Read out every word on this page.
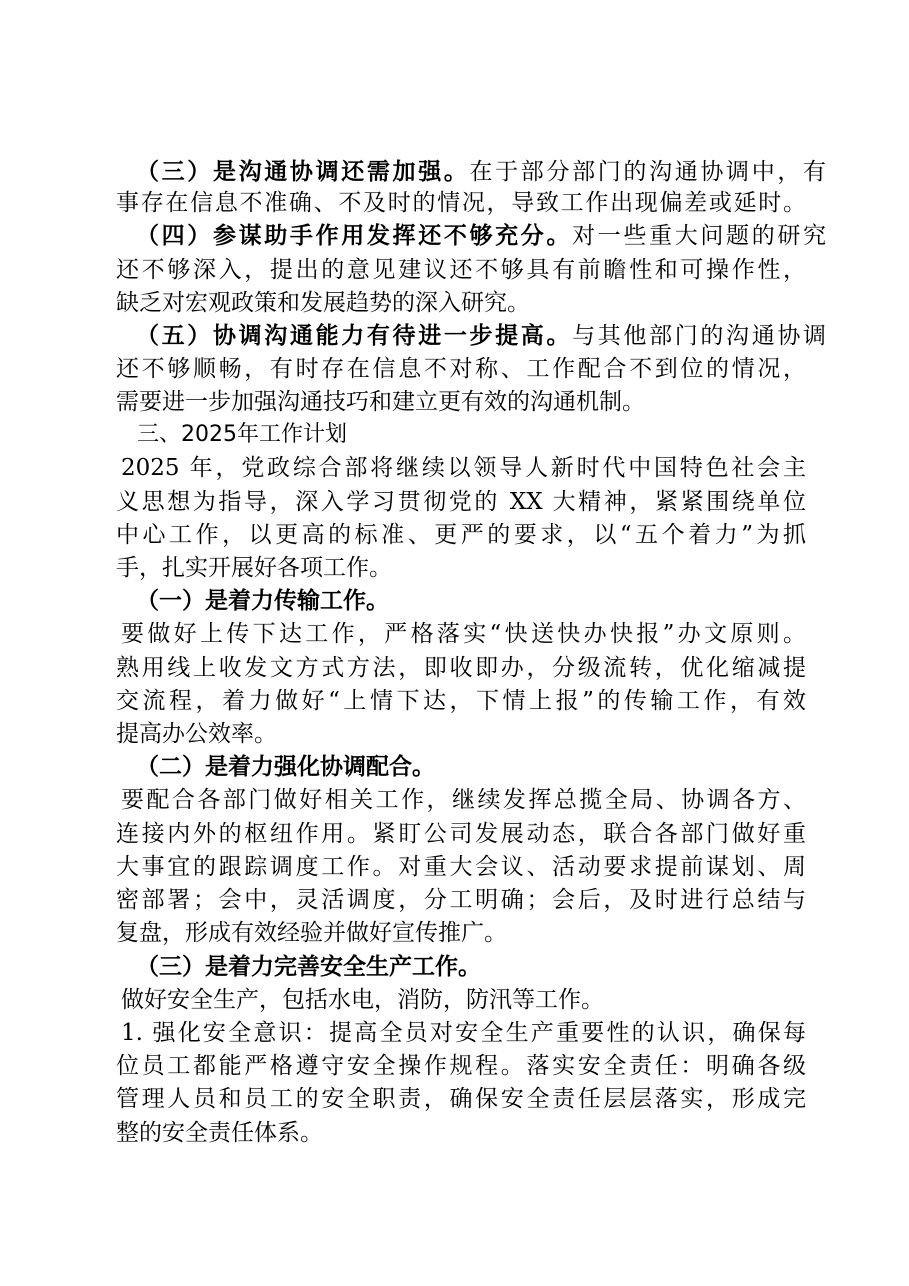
（三）是沟通协调还需加强。在于部分部门的沟通协调中，有
事存在信息不准确、不及时的情况，导致工作出现偏差或延时。
（四）参谋助手作用发挥还不够充分。对一些重大问题的研究
还不够深入，提出的意见建议还不够具有前瞻性和可操作性，
缺乏对宏观政策和发展趋势的深入研究。
（五）协调沟通能力有待进一步提高。与其他部门的沟通协调
还不够顺畅，有时存在信息不对称、工作配合不到位的情况，
需要进一步加强沟通技巧和建立更有效的沟通机制。
三、2025年工作计划
2025 年，党政综合部将继续以领导人新时代中国特色社会主
义思想为指导，深入学习贯彻党的 XX 大精神，紧紧围绕单位
中心工作，以更高的标准、更严的要求，以“五个着力”为抓
手，扎实开展好各项工作。
（一）是着力传输工作。
要做好上传下达工作，严格落实“快送快办快报”办文原则。
熟用线上收发文方式方法，即收即办，分级流转，优化缩减提
交流程，着力做好“上情下达，下情上报”的传输工作，有效
提高办公效率。
（二）是着力强化协调配合。
要配合各部门做好相关工作，继续发挥总揽全局、协调各方、
连接内外的枢纽作用。紧盯公司发展动态，联合各部门做好重
大事宜的跟踪调度工作。对重大会议、活动要求提前谋划、周
密部署；会中，灵活调度，分工明确；会后，及时进行总结与
复盘，形成有效经验并做好宣传推广。
（三）是着力完善安全生产工作。
做好安全生产，包括水电，消防，防汛等工作。
1. 强化安全意识：提高全员对安全生产重要性的认识，确保每
位员工都能严格遵守安全操作规程。落实安全责任：明确各级
管理人员和员工的安全职责，确保安全责任层层落实，形成完
整的安全责任体系。
